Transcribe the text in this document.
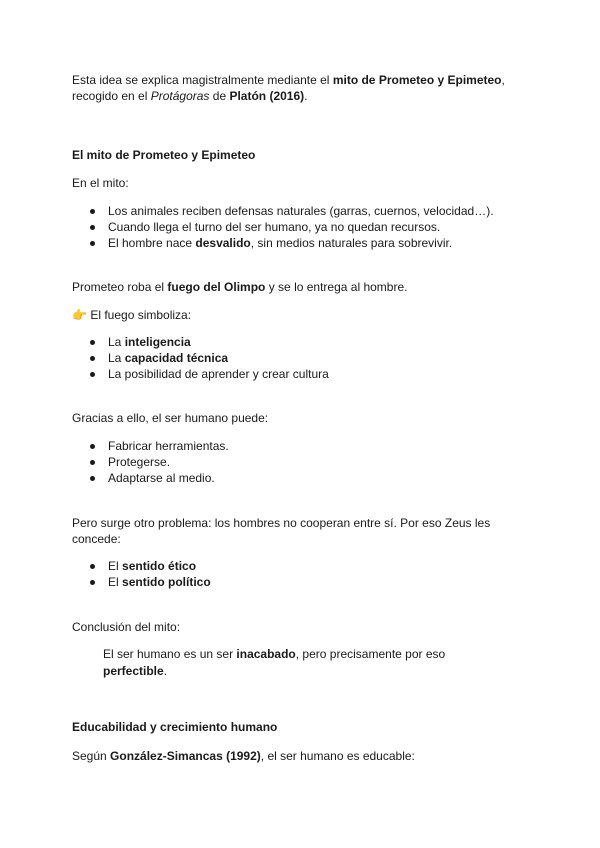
Esta idea se explica magistralmente mediante el mito de Prometeo y Epimeteo,
recogido en el Protágoras de Platón (2016).

El mito de Prometeo y Epimeteo

En el mito:

Los animales reciben defensas naturales (garras, cuernos, velocidad…).
Cuando llega el turno del ser humano, ya no quedan recursos.
El hombre nace desvalido, sin medios naturales para sobrevivir.

Prometeo roba el fuego del Olimpo y se lo entrega al hombre.

👉 El fuego simboliza:

La inteligencia
La capacidad técnica
La posibilidad de aprender y crear cultura

Gracias a ello, el ser humano puede:

Fabricar herramientas.
Protegerse.
Adaptarse al medio.

Pero surge otro problema: los hombres no cooperan entre sí. Por eso Zeus les
concede:

El sentido ético
El sentido político

Conclusión del mito:

El ser humano es un ser inacabado, pero precisamente por eso
perfectible.

Educabilidad y crecimiento humano

Según González-Simancas (1992), el ser humano es educable:
